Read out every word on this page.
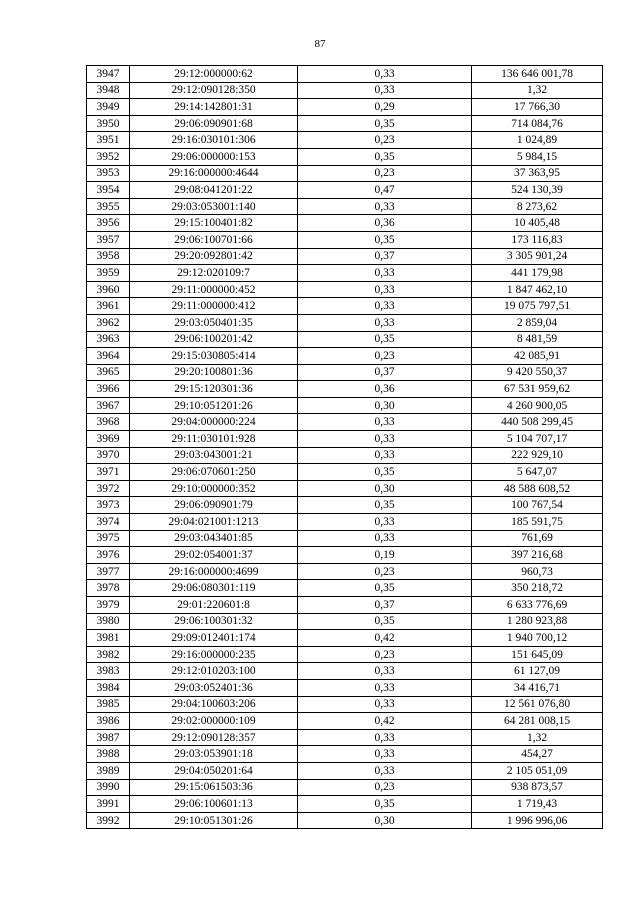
87
3947	29:12:000000:62	0,33	136 646 001,78
3948	29:12:090128:350	0,33	1,32
3949	29:14:142801:31	0,29	17 766,30
3950	29:06:090901:68	0,35	714 084,76
3951	29:16:030101:306	0,23	1 024,89
3952	29:06:000000:153	0,35	5 984,15
3953	29:16:000000:4644	0,23	37 363,95
3954	29:08:041201:22	0,47	524 130,39
3955	29:03:053001:140	0,33	8 273,62
3956	29:15:100401:82	0,36	10 405,48
3957	29:06:100701:66	0,35	173 116,83
3958	29:20:092801:42	0,37	3 305 901,24
3959	29:12:020109:7	0,33	441 179,98
3960	29:11:000000:452	0,33	1 847 462,10
3961	29:11:000000:412	0,33	19 075 797,51
3962	29:03:050401:35	0,33	2 859,04
3963	29:06:100201:42	0,35	8 481,59
3964	29:15:030805:414	0,23	42 085,91
3965	29:20:100801:36	0,37	9 420 550,37
3966	29:15:120301:36	0,36	67 531 959,62
3967	29:10:051201:26	0,30	4 260 900,05
3968	29:04:000000:224	0,33	440 508 299,45
3969	29:11:030101:928	0,33	5 104 707,17
3970	29:03:043001:21	0,33	222 929,10
3971	29:06:070601:250	0,35	5 647,07
3972	29:10:000000:352	0,30	48 588 608,52
3973	29:06:090901:79	0,35	100 767,54
3974	29:04:021001:1213	0,33	185 591,75
3975	29:03:043401:85	0,33	761,69
3976	29:02:054001:37	0,19	397 216,68
3977	29:16:000000:4699	0,23	960,73
3978	29:06:080301:119	0,35	350 218,72
3979	29:01:220601:8	0,37	6 633 776,69
3980	29:06:100301:32	0,35	1 280 923,88
3981	29:09:012401:174	0,42	1 940 700,12
3982	29:16:000000:235	0,23	151 645,09
3983	29:12:010203:100	0,33	61 127,09
3984	29:03:052401:36	0,33	34 416,71
3985	29:04:100603:206	0,33	12 561 076,80
3986	29:02:000000:109	0,42	64 281 008,15
3987	29:12:090128:357	0,33	1,32
3988	29:03:053901:18	0,33	454,27
3989	29:04:050201:64	0,33	2 105 051,09
3990	29:15:061503:36	0,23	938 873,57
3991	29:06:100601:13	0,35	1 719,43
3992	29:10:051301:26	0,30	1 996 996,06
